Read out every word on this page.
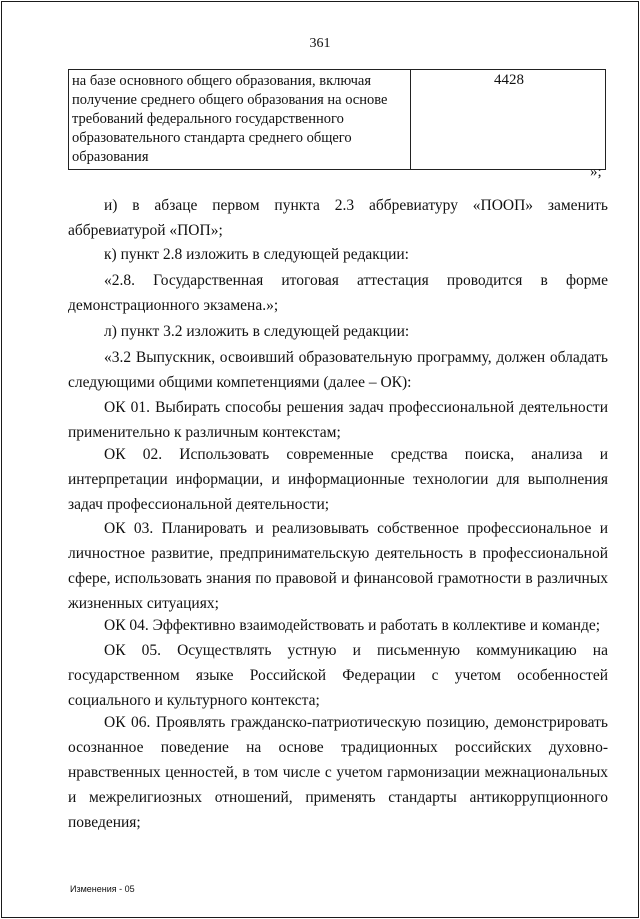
361
на базе основного общего образования, включая получение среднего общего образования на основе требований федерального государственного образовательного стандарта среднего общего образования
4428
»;
и) в абзаце первом пункта 2.3 аббревиатуру «ПООП» заменить аббревиатурой «ПОП»;
к) пункт 2.8 изложить в следующей редакции:
«2.8. Государственная итоговая аттестация проводится в форме
демонстрационного экзамена.»;
л) пункт 3.2 изложить в следующей редакции:
«3.2 Выпускник, освоивший образовательную программу, должен обладать следующими общими компетенциями (далее – ОК):
ОК 01. Выбирать способы решения задач профессиональной деятельности применительно к различным контекстам;
ОК 02. Использовать современные средства поиска, анализа и интерпретации информации, и информационные технологии для выполнения задач профессиональной деятельности;
ОК 03. Планировать и реализовывать собственное профессиональное и личностное развитие, предпринимательскую деятельность в профессиональной сфере, использовать знания по правовой и финансовой грамотности в различных жизненных ситуациях;
ОК 04. Эффективно взаимодействовать и работать в коллективе и команде;
ОК 05. Осуществлять устную и письменную коммуникацию на государственном языке Российской Федерации с учетом особенностей социального и культурного контекста;
ОК 06. Проявлять гражданско-патриотическую позицию, демонстрировать осознанное поведение на основе традиционных российских духовно-нравственных ценностей, в том числе с учетом гармонизации межнациональных и межрелигиозных отношений, применять стандарты антикоррупционного поведения;
Изменения - 05
